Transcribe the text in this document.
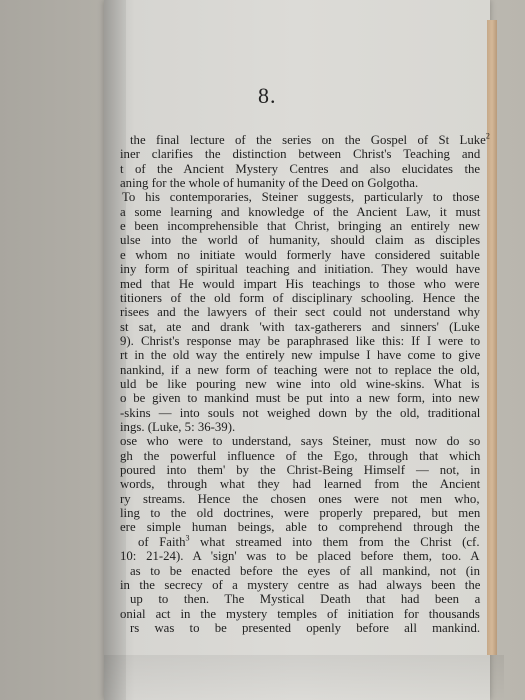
8.
the final lecture of the series on the Gospel of St Luke$^2$
iner clarifies the distinction between Christ's Teaching and
t of the Ancient Mystery Centres and also elucidates the
aning for the whole of humanity of the Deed on Golgotha.
To his contemporaries, Steiner suggests, particularly to those
a some learning and knowledge of the Ancient Law, it must
e been incomprehensible that Christ, bringing an entirely new
ulse into the world of humanity, should claim as disciples
e whom no initiate would formerly have considered suitable
iny form of spiritual teaching and initiation. They would have
med that He would impart His teachings to those who were
titioners of the old form of disciplinary schooling. Hence the
risees and the lawyers of their sect could not understand why
st sat, ate and drank 'with tax-gatherers and sinners' (Luke
9). Christ's response may be paraphrased like this: If I were to
rt in the old way the entirely new impulse I have come to give
nankind, if a new form of teaching were not to replace the old,
uld be like pouring new wine into old wine-skins. What is
o be given to mankind must be put into a new form, into new
-skins — into souls not weighed down by the old, traditional
ings. (Luke, 5: 36-39).
ose who were to understand, says Steiner, must now do so
gh the powerful influence of the Ego, through that which
poured into them' by the Christ-Being Himself — not, in
words, through what they had learned from the Ancient
ry streams. Hence the chosen ones were not men who,
ling to the old doctrines, were properly prepared, but men
ere simple human beings, able to comprehend through the
of Faith$^3$ what streamed into them from the Christ (cf.
10: 21-24). A 'sign' was to be placed before them, too. A
as to be enacted before the eyes of all mankind, not (in
in the secrecy of a mystery centre as had always been the
up to then. The Mystical Death that had been a
onial act in the mystery temples of initiation for thousands
rs was to be presented openly before all mankind.
